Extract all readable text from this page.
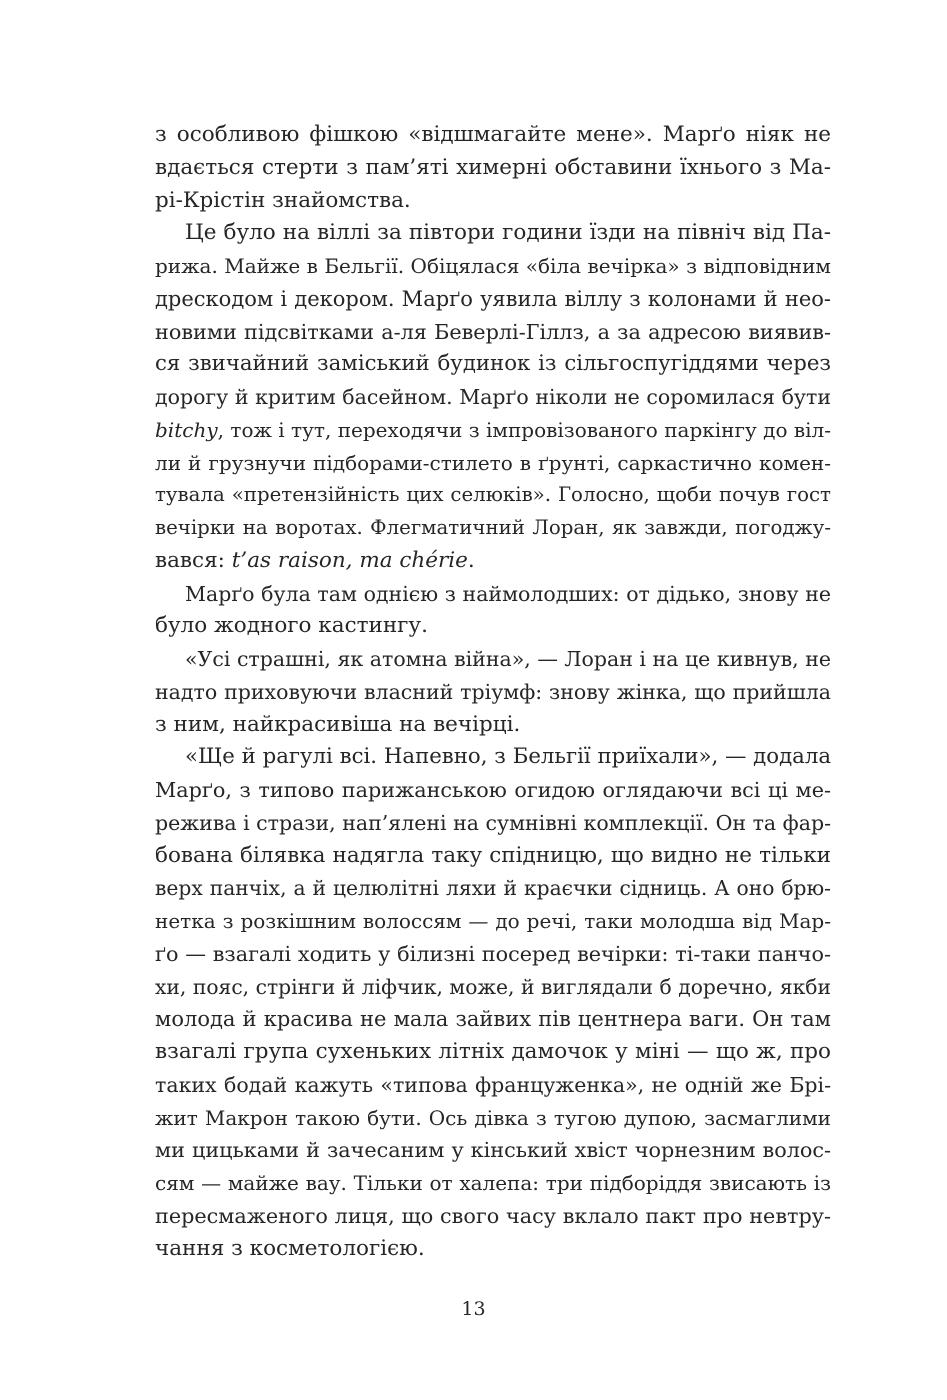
з особливою фішкою «відшмагайте мене». Марґо ніяк не
вдається стерти з пам’яті химерні обставини їхнього з Ма-
рі-Крістін знайомства.
Це було на віллі за півтори години їзди на північ від Па-
рижа. Майже в Бельгії. Обіцялася «біла вечірка» з відповідним
дрескодом і декором. Марґо уявила віллу з колонами й нео-
новими підсвітками а-ля Беверлі-Гіллз, а за адресою виявив-
ся звичайний заміський будинок із сільгоспугіддями через
дорогу й критим басейном. Марґо ніколи не соромилася бути
bitchy, тож і тут, переходячи з імпровізованого паркінгу до віл-
ли й грузнучи підборами-стилето в ґрунті, саркастично комен-
тувала «претензійність цих селюків». Голосно, щоби почув гост
вечірки на воротах. Флегматичний Лоран, як завжди, погоджу-
вався: t’as raison, ma chérie.
Марґо була там однією з наймолодших: от дідько, знову не
було жодного кастингу.
«Усі страшні, як атомна війна», — Лоран і на це кивнув, не
надто приховуючи власний тріумф: знову жінка, що прийшла
з ним, найкрасивіша на вечірці.
«Ще й рагулі всі. Напевно, з Бельгії приїхали», — додала
Марґо, з типово парижанською огидою оглядаючи всі ці ме-
режива і стрази, нап’ялені на сумнівні комплекції. Он та фар-
бована білявка надягла таку спідницю, що видно не тільки
верх панчіх, а й целюлітні ляхи й краєчки сідниць. А оно брю-
нетка з розкішним волоссям — до речі, таки молодша від Мар-
ґо — взагалі ходить у білизні посеред вечірки: ті-таки панчо-
хи, пояс, стрінги й ліфчик, може, й виглядали б доречно, якби
молода й красива не мала зайвих пів центнера ваги. Он там
взагалі група сухеньких літніх дамочок у міні — що ж, про
таких бодай кажуть «типова француженка», не одній же Брі-
жит Макрон такою бути. Ось дівка з тугою дупою, засмаглими
ми цицьками й зачесаним у кінський хвіст чорнезним волос-
сям — майже вау. Тільки от халепа: три підборіддя звисають із
пересмаженого лиця, що свого часу вклало пакт про невтру-
чання з косметологією.
13
